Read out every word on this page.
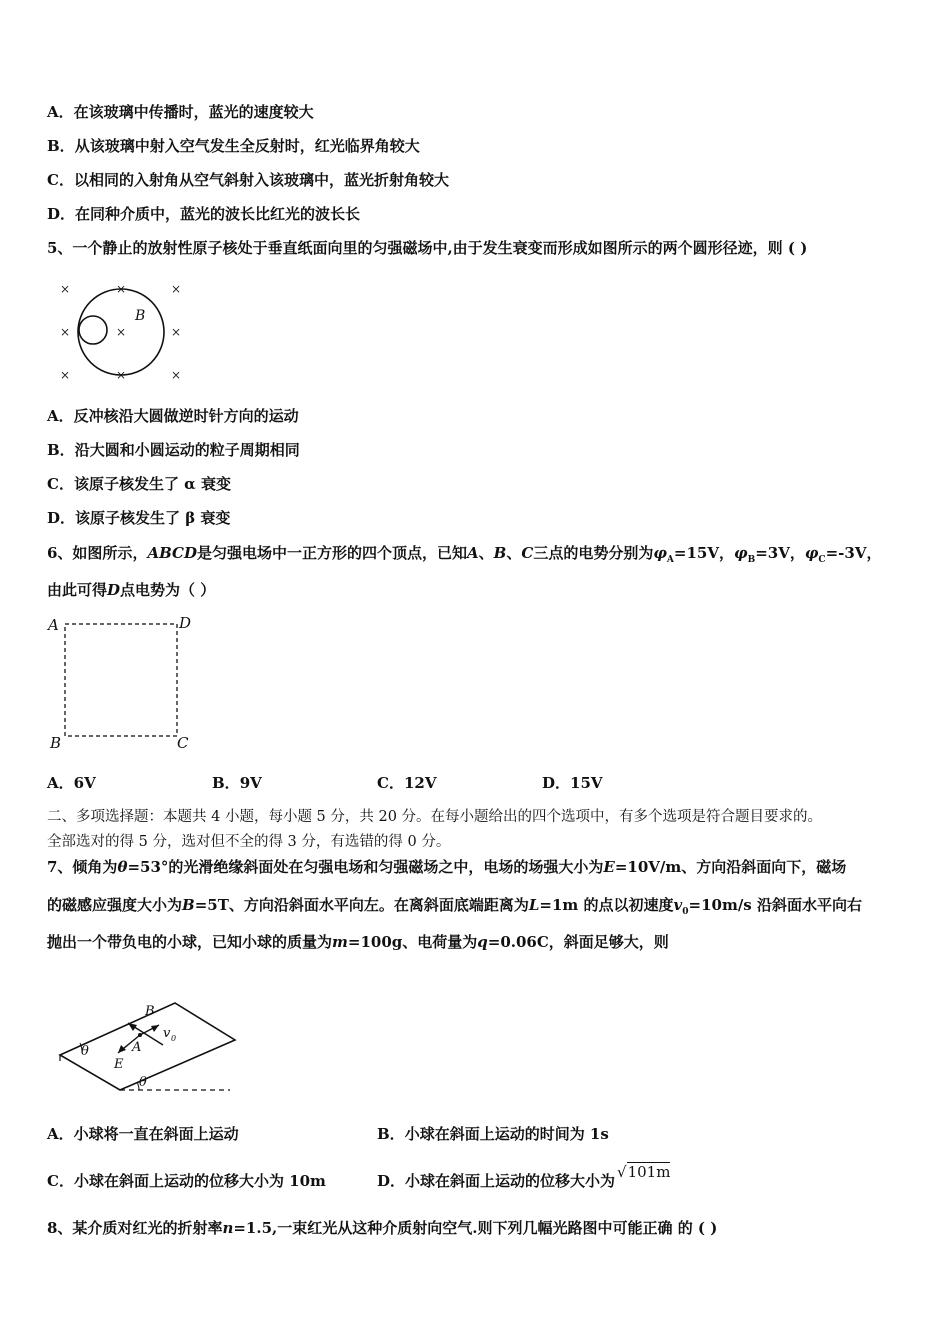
A．在该玻璃中传播时，蓝光的速度较大
B．从该玻璃中射入空气发生全反射时，红光临界角较大
C．以相同的入射角从空气斜射入该玻璃中，蓝光折射角较大
D．在同种介质中，蓝光的波长比红光的波长长
5、一个静止的放射性原子核处于垂直纸面向里的匀强磁场中,由于发生衰变而形成如图所示的两个圆形径迹，则 ( )
×	×	×
×	×	×
×	×	×
B
A．反冲核沿大圆做逆时针方向的运动
B．沿大圆和小圆运动的粒子周期相同
C．该原子核发生了 α 衰变
D．该原子核发生了 β 衰变
6、如图所示，ABCD是匀强电场中一正方形的四个顶点，已知A、B、C三点的电势分别为$\varphi_A=15V$，$\varphi_B=3V$，$\varphi_C=-3V$，
由此可得D点电势为（ ）
A	D
B	C
A．6V	B．9V	C．12V	D．15V
二、多项选择题：本题共 4 小题，每小题 5 分，共 20 分。在每小题给出的四个选项中，有多个选项是符合题目要求的。
全部选对的得 5 分，选对但不全的得 3 分，有选错的得 0 分。
7、倾角为θ=53°的光滑绝缘斜面处在匀强电场和匀强磁场之中，电场的场强大小为E=10V/m、方向沿斜面向下，磁场
的磁感应强度大小为B=5T、方向沿斜面水平向左。在离斜面底端距离为L=1m 的点以初速度$v_0=10m/s$ 沿斜面水平向右
抛出一个带负电的小球，已知小球的质量为m=100g、电荷量为q=0.06C，斜面足够大，则
θ
θ
B
A
E
v 0
A．小球将一直在斜面上运动	B．小球在斜面上运动的时间为 1s
C．小球在斜面上运动的位移大小为 10m	D．小球在斜面上运动的位移大小为 √101m
8、某介质对红光的折射率n=1.5,一束红光从这种介质射向空气.则下列几幅光路图中可能正确 的 ( )
